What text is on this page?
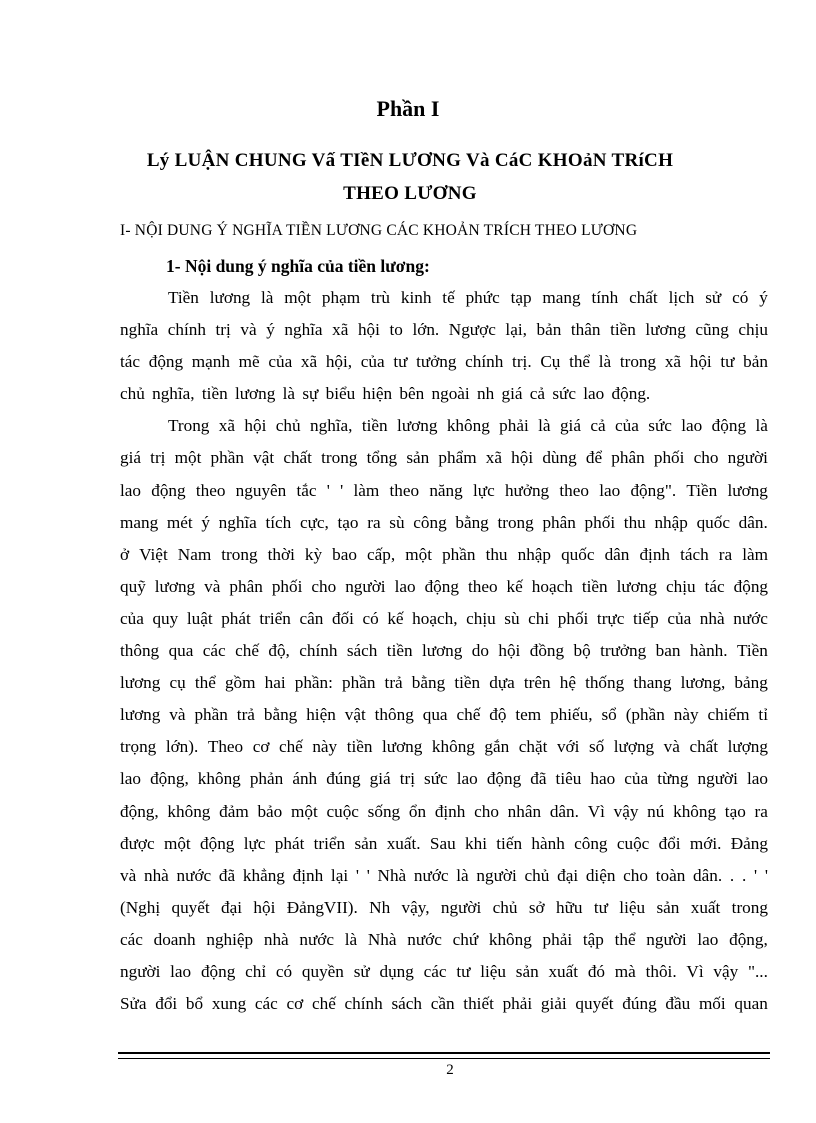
Phần I
Lý LUẬN CHUNG Vấ TIềN LƯƠNG Và CáC KHOảN TRíCH
THEO LƯƠNG
I- NỘI DUNG Ý NGHĨA TIỀN LƯƠNG CÁC KHOẢN TRÍCH THEO LƯƠNG
1- Nội dung ý nghĩa của tiền lương:
Tiền lương là một phạm trù kinh tế phức tạp mang tính chất lịch sử có ý
nghĩa chính trị và ý nghĩa xã hội to lớn. Ngược lại, bản thân tiền lương cũng chịu
tác động mạnh mẽ của xã hội, của tư tưởng chính trị. Cụ thể là trong xã hội tư bản
chủ nghĩa, tiền lương là sự biểu hiện bên ngoài nh giá cả sức lao động.
Trong xã hội chủ nghĩa, tiền lương không phải là giá cả của sức lao động là
giá trị một phần vật chất trong tổng sản phẩm xã hội dùng để phân phối cho người
lao động theo nguyên tắc ' ' làm theo năng lực hưởng theo lao động". Tiền lương
mang mét ý nghĩa tích cực, tạo ra sù công bằng trong phân phối thu nhập quốc dân.
ở Việt Nam trong thời kỳ bao cấp, một phần thu nhập quốc dân định tách ra làm
quỹ lương và phân phối cho người lao động theo kế hoạch tiền lương chịu tác động
của quy luật phát triển cân đối có kế hoạch, chịu sù chi phối trực tiếp của nhà nước
thông qua các chế độ, chính sách tiền lương do hội đồng bộ trưởng ban hành. Tiền
lương cụ thể gồm hai phần: phần trả bằng tiền dựa trên hệ thống thang lương, bảng
lương và phần trả bằng hiện vật thông qua chế độ tem phiếu, sổ (phần này chiếm tỉ
trọng lớn). Theo cơ chế này tiền lương không gắn chặt với số lượng và chất lượng
lao động, không phản ánh đúng giá trị sức lao động đã tiêu hao của từng người lao
động, không đảm bảo một cuộc sống ổn định cho nhân dân. Vì vậy nú không tạo ra
được một động lực phát triển sản xuất. Sau khi tiến hành công cuộc đổi mới. Đảng
và nhà nước đã khẳng định lại ' ' Nhà nước là người chủ đại diện cho toàn dân. . . ' '
(Nghị quyết đại hội ĐảngVII). Nh vậy, người chủ sở hữu tư liệu sản xuất trong
các doanh nghiệp nhà nước là Nhà nước chứ không phải tập thể người lao động,
người lao động chỉ có quyền sử dụng các tư liệu sản xuất đó mà thôi. Vì vậy "...
Sửa đổi bổ xung các cơ chế chính sách cần thiết phải giải quyết đúng đầu mối quan
2
